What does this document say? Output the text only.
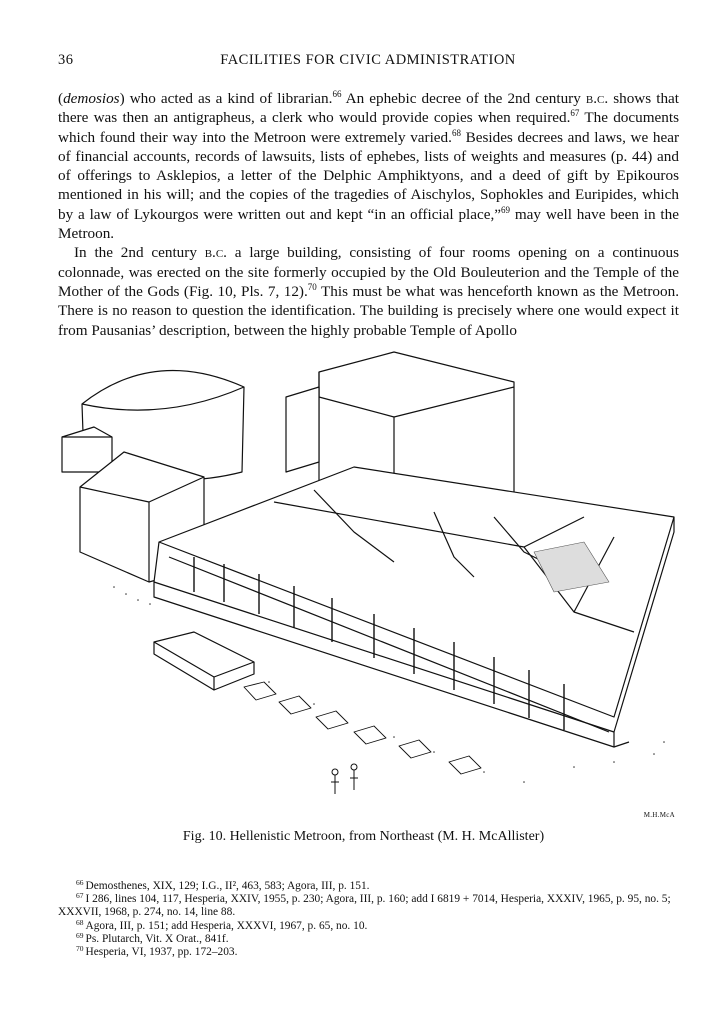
36	FACILITIES FOR CIVIC ADMINISTRATION

(demosios) who acted as a kind of librarian.$^{66}$ An ephebic decree of the 2nd century b.c. shows that there was then an antigrapheus, a clerk who would provide copies when required.$^{67}$ The documents which found their way into the Metroon were extremely varied.$^{68}$ Besides decrees and laws, we hear of financial accounts, records of lawsuits, lists of ephebes, lists of weights and measures (p. 44) and of offerings to Asklepios, a letter of the Delphic Amphiktyons, and a deed of gift by Epikouros mentioned in his will; and the copies of the tragedies of Aischylos, Sophokles and Euripides, which by a law of Lykourgos were written out and kept “in an official place,”$^{69}$ may well have been in the Metroon.

In the 2nd century b.c. a large building, consisting of four rooms opening on a continuous colonnade, was erected on the site formerly occupied by the Old Bouleuterion and the Temple of the Mother of the Gods (Fig. 10, Pls. 7, 12).$^{70}$ This must be what was henceforth known as the Metroon. There is no reason to question the identification. The building is precisely where one would expect it from Pausanias’ description, between the highly probable Temple of Apollo

M.H.McA
Fig. 10. Hellenistic Metroon, from Northeast (M. H. McAllister)

$^{66}$ Demosthenes, XIX, 129; I.G., II², 463, 583; Agora, III, p. 151.

$^{67}$ I 286, lines 104, 117, Hesperia, XXIV, 1955, p. 230; Agora, III, p. 160; add I 6819 + 7014, Hesperia, XXXIV, 1965, p. 95, no. 5; XXXVII, 1968, p. 274, no. 14, line 88.

$^{68}$ Agora, III, p. 151; add Hesperia, XXXVI, 1967, p. 65, no. 10.

$^{69}$ Ps. Plutarch, Vit. X Orat., 841f.

$^{70}$ Hesperia, VI, 1937, pp. 172–203.
